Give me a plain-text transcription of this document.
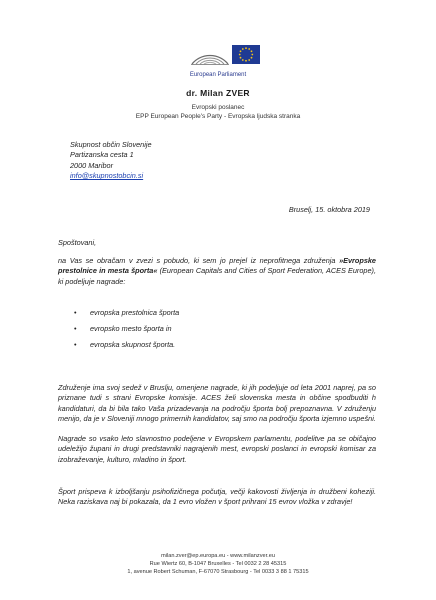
European Parliament
dr. Milan ZVER
Evropski poslanec
EPP European People's Party - Evropska ljudska stranka
Skupnost občin Slovenije
Partizanska cesta 1
2000 Maribor
info@skupnostobcin.si
Bruselj, 15. oktobra 2019
Spoštovani,
na Vas se obračam v zvezi s pobudo, ki sem jo prejel iz neprofitnega združenja »Evropske prestolnice in mesta športa« (European Capitals and Cities of Sport Federation, ACES Europe), ki podeljuje nagrade:
• evropska prestolnica športa
• evropsko mesto športa in
• evropska skupnost športa.
Združenje ima svoj sedež v Bruslju, omenjene nagrade, ki jih podeljuje od leta 2001 naprej, pa so priznane tudi s strani Evropske komisije. ACES želi slovenska mesta in občine spodbuditi h kandidaturi, da bi bila tako Vaša prizadevanja na področju športa bolj prepoznavna. V združenju menijo, da je v Sloveniji mnogo primernih kandidatov, saj smo na področju športa izjemno uspešni.
Nagrade so vsako leto slavnostno podeljene v Evropskem parlamentu, podelitve pa se običajno udeležijo župani in drugi predstavniki nagrajenih mest, evropski poslanci in evropski komisar za izobraževanje, kulturo, mladino in šport.
Šport prispeva k izboljšanju psihofizičnega počutja, večji kakovosti življenja in družbeni koheziji. Neka raziskava naj bi pokazala, da 1 evro vložen v šport prihrani 15 evrov vložka v zdravje!
milan.zver@ep.europa.eu - www.milanzver.eu
Rue Wiertz 60, B-1047 Bruxelles - Tel 0032 2 28 45315
1, avenue Robert Schuman, F-67070 Strasbourg - Tel 0033 3 88 1 75315
